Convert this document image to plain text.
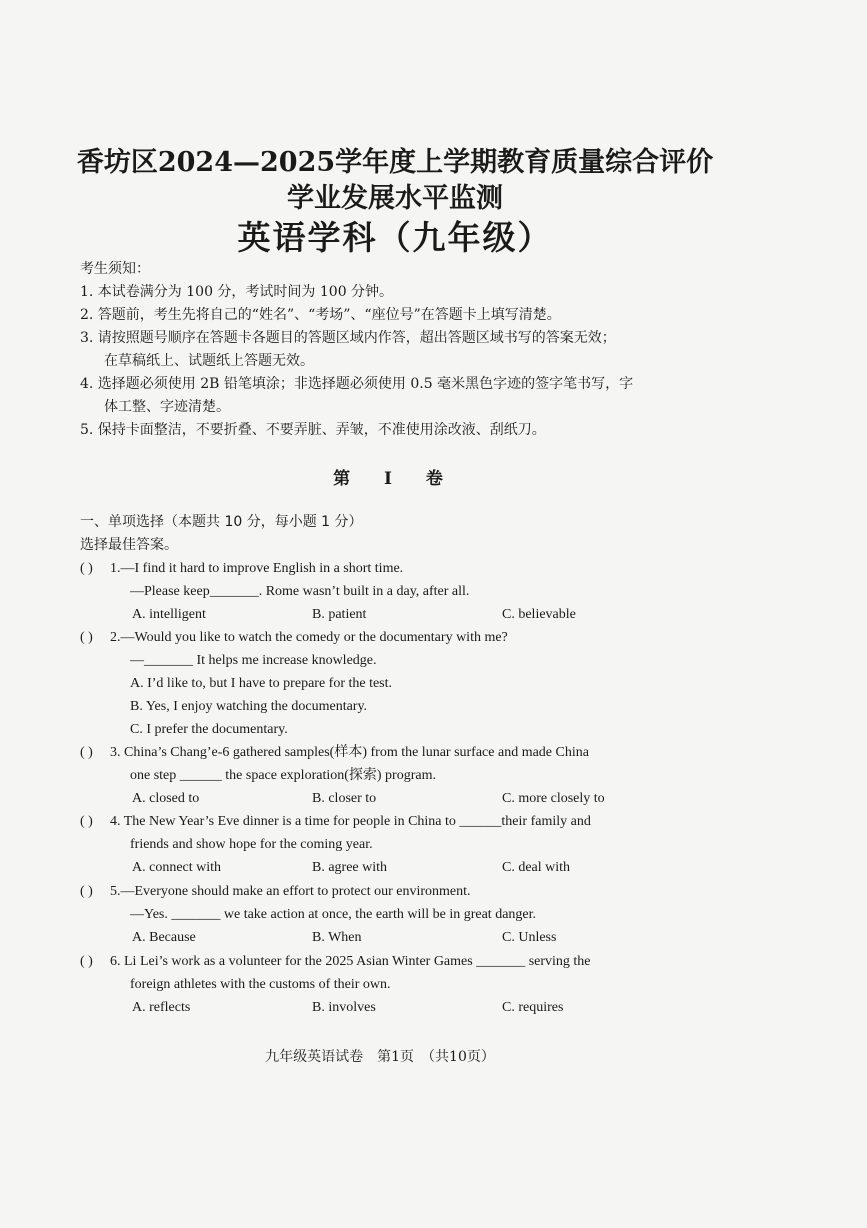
香坊区2024—2025学年度上学期教育质量综合评价
学业发展水平监测
英语学科（九年级）
考生须知：
1. 本试卷满分为 100 分，考试时间为 100 分钟。
2. 答题前，考生先将自己的“姓名”、“考场”、“座位号”在答题卡上填写清楚。
3. 请按照题号顺序在答题卡各题目的答题区域内作答，超出答题区域书写的答案无效；
在草稿纸上、试题纸上答题无效。
4. 选择题必须使用 2B 铅笔填涂；非选择题必须使用 0.5 毫米黑色字迹的签字笔书写，字
体工整、字迹清楚。
5. 保持卡面整洁，不要折叠、不要弄脏、弄皱，不准使用涂改液、刮纸刀。
第 I 卷
一、单项选择（本题共 10 分，每小题 1 分）
选择最佳答案。
( ) 1.—I find it hard to improve English in a short time.
—Please keep_______. Rome wasn’t built in a day, after all.
A. intelligent	B. patient	C. believable
( ) 2.—Would you like to watch the comedy or the documentary with me?
—_______ It helps me increase knowledge.
A. I’d like to, but I have to prepare for the test.
B. Yes, I enjoy watching the documentary.
C. I prefer the documentary.
( ) 3. China’s Chang’e-6 gathered samples(样本) from the lunar surface and made China
one step ______ the space exploration(探索) program.
A. closed to	B. closer to	C. more closely to
( ) 4. The New Year’s Eve dinner is a time for people in China to ______their family and
friends and show hope for the coming year.
A. connect with	B. agree with	C. deal with
( ) 5.—Everyone should make an effort to protect our environment.
—Yes. _______ we take action at once, the earth will be in great danger.
A. Because	B. When	C. Unless
( ) 6. Li Lei’s work as a volunteer for the 2025 Asian Winter Games _______ serving the
foreign athletes with the customs of their own.
A. reflects	B. involves	C. requires
九年级英语试卷　第1页　（共10页）
